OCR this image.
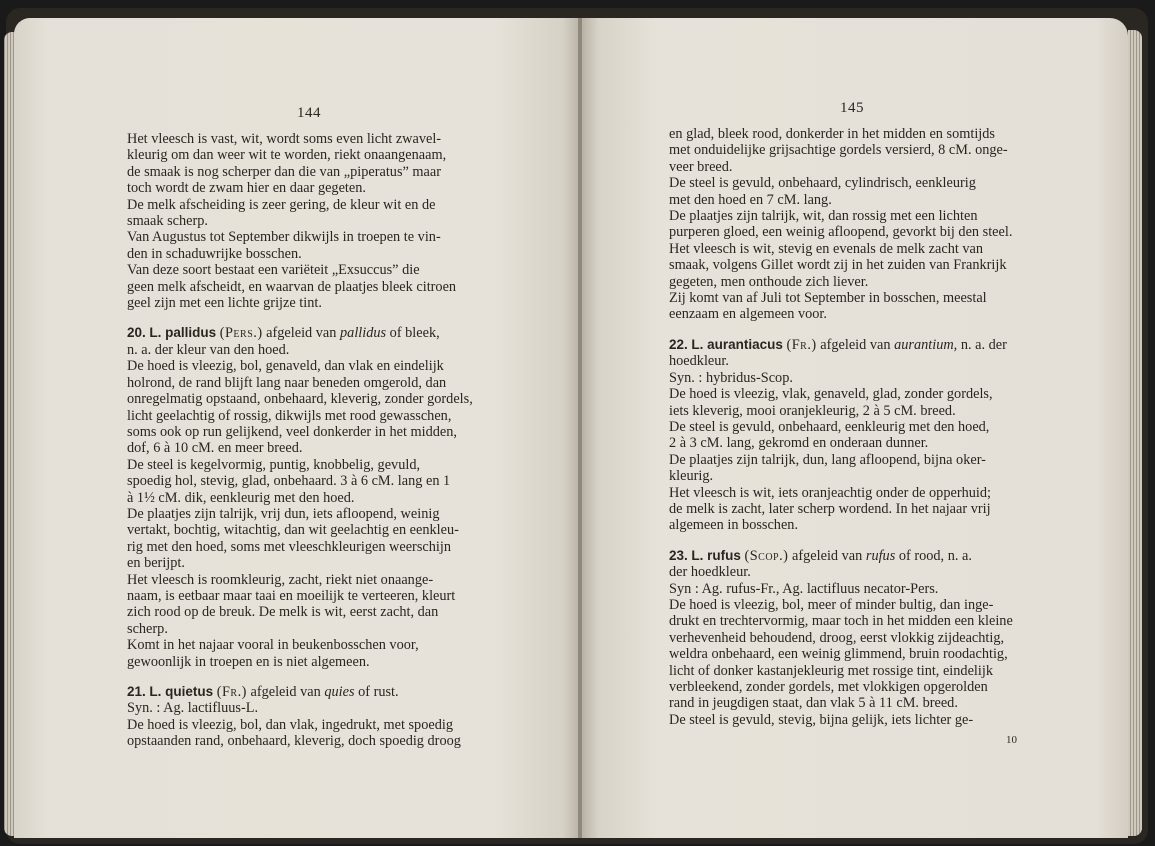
144

Het vleesch is vast, wit, wordt soms even licht zwavel-

kleurig om dan weer wit te worden, riekt onaangenaam,

de smaak is nog scherper dan die van „piperatus” maar

toch wordt de zwam hier en daar gegeten.

De melk afscheiding is zeer gering, de kleur wit en de

smaak scherp.

Van Augustus tot September dikwijls in troepen te vin-

den in schaduwrijke bosschen.

Van deze soort bestaat een variëteit „Exsuccus” die

geen melk afscheidt, en waarvan de plaatjes bleek citroen

geel zijn met een lichte grijze tint.

20. L. pallidus (Pers.) afgeleid van pallidus of bleek,

n. a. der kleur van den hoed.

De hoed is vleezig, bol, genaveld, dan vlak en eindelijk

holrond, de rand blijft lang naar beneden omgerold, dan

onregelmatig opstaand, onbehaard, kleverig, zonder gordels,

licht geelachtig of rossig, dikwijls met rood gewasschen,

soms ook op run gelijkend, veel donkerder in het midden,

dof, 6 à 10 cM. en meer breed.

De steel is kegelvormig, puntig, knobbelig, gevuld,

spoedig hol, stevig, glad, onbehaard. 3 à 6 cM. lang en 1

à 1½ cM. dik, eenkleurig met den hoed.

De plaatjes zijn talrijk, vrij dun, iets afloopend, weinig

vertakt, bochtig, witachtig, dan wit geelachtig en eenkleu-

rig met den hoed, soms met vleeschkleurigen weerschijn

en berijpt.

Het vleesch is roomkleurig, zacht, riekt niet onaange-

naam, is eetbaar maar taai en moeilijk te verteeren, kleurt

zich rood op de breuk. De melk is wit, eerst zacht, dan

scherp.

Komt in het najaar vooral in beukenbosschen voor,

gewoonlijk in troepen en is niet algemeen.

21. L. quietus (Fr.) afgeleid van quies of rust.

Syn. : Ag. lactifluus-L.

De hoed is vleezig, bol, dan vlak, ingedrukt, met spoedig

opstaanden rand, onbehaard, kleverig, doch spoedig droog

145

en glad, bleek rood, donkerder in het midden en somtijds

met onduidelijke grijsachtige gordels versierd, 8 cM. onge-

veer breed.

De steel is gevuld, onbehaard, cylindrisch, eenkleurig

met den hoed en 7 cM. lang.

De plaatjes zijn talrijk, wit, dan rossig met een lichten

purperen gloed, een weinig afloopend, gevorkt bij den steel.

Het vleesch is wit, stevig en evenals de melk zacht van

smaak, volgens Gillet wordt zij in het zuiden van Frankrijk

gegeten, men onthoude zich liever.

Zij komt van af Juli tot September in bosschen, meestal

eenzaam en algemeen voor.

22. L. aurantiacus (Fr.) afgeleid van aurantium, n. a. der

hoedkleur.

Syn. : hybridus-Scop.

De hoed is vleezig, vlak, genaveld, glad, zonder gordels,

iets kleverig, mooi oranjekleurig, 2 à 5 cM. breed.

De steel is gevuld, onbehaard, eenkleurig met den hoed,

2 à 3 cM. lang, gekromd en onderaan dunner.

De plaatjes zijn talrijk, dun, lang afloopend, bijna oker-

kleurig.

Het vleesch is wit, iets oranjeachtig onder de opperhuid;

de melk is zacht, later scherp wordend. In het najaar vrij

algemeen in bosschen.

23. L. rufus (Scop.) afgeleid van rufus of rood, n. a.

der hoedkleur.

Syn : Ag. rufus-Fr., Ag. lactifluus necator-Pers.

De hoed is vleezig, bol, meer of minder bultig, dan inge-

drukt en trechtervormig, maar toch in het midden een kleine

verhevenheid behoudend, droog, eerst vlokkig zijdeachtig,

weldra onbehaard, een weinig glimmend, bruin roodachtig,

licht of donker kastanjekleurig met rossige tint, eindelijk

verbleekend, zonder gordels, met vlokkigen opgerolden

rand in jeugdigen staat, dan vlak 5 à 11 cM. breed.

De steel is gevuld, stevig, bijna gelijk, iets lichter ge-

10
